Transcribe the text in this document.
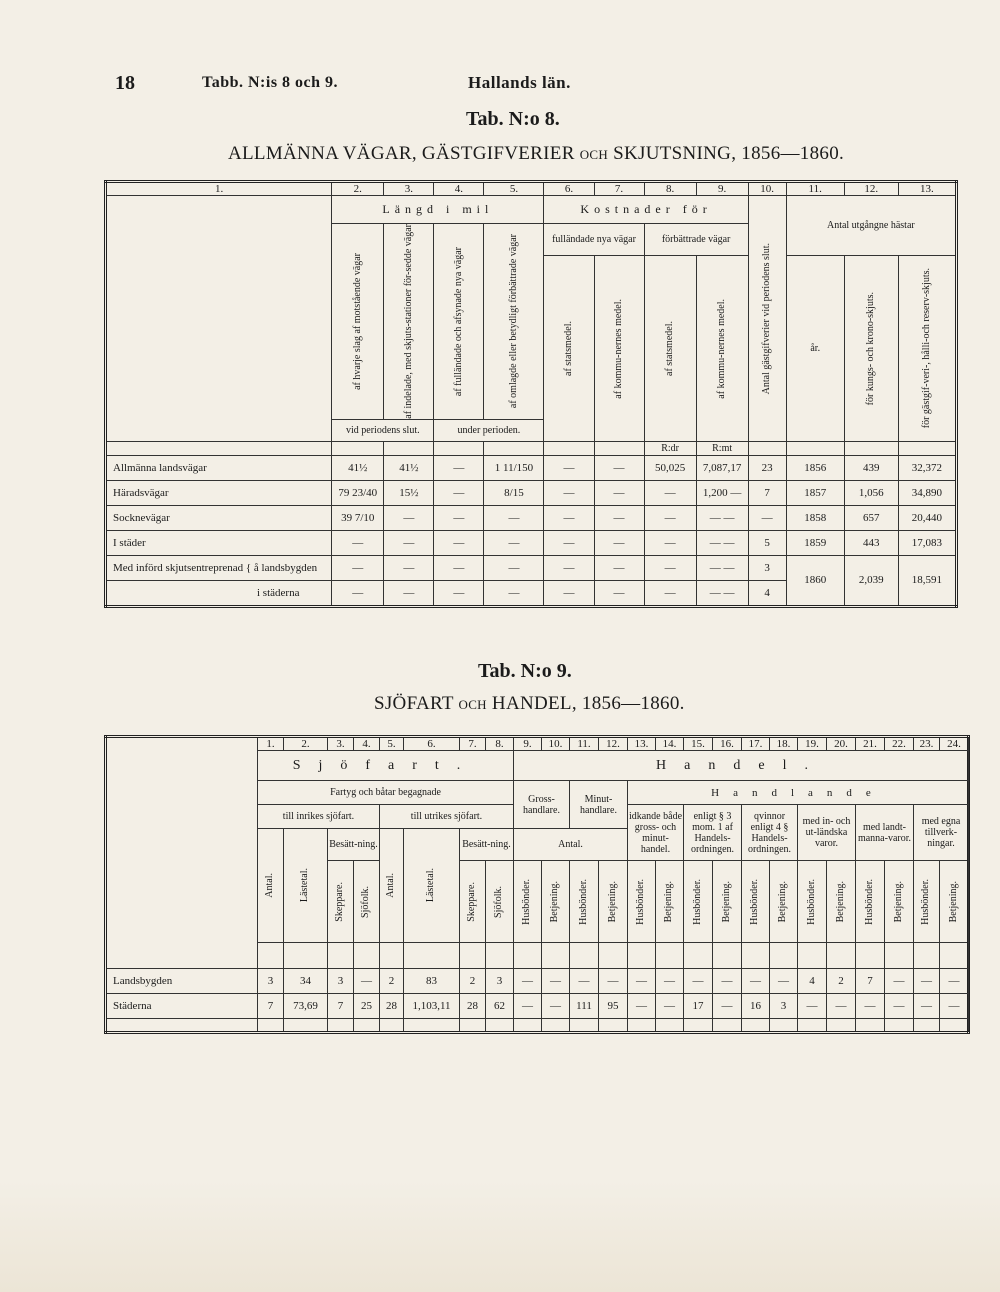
18	Tabb. N:is 8 och 9.	Hallands län.
Tab. N:o 8.
ALLMÄNNA VÄGAR, GÄSTGIFVERIER OCH SKJUTSNING, 1856—1860.
1.	2.	3.	4.	5.	6.	7.	8.	9.	10.	11.	12.	13.
	Längd i mil				Kostnader för				Antal gästgifverier vid periodens slut.	Antal utgångne hästar		

	af hvarje slag af motstående vägar	af indelade, med skjuts-stationer för-sedde vägar	af fulländade och afsynade nya vägar	af omlagde eller betydligt förbättrade vägar	fulländade nya vägar		förbättrade vägar					

					af statsmedel.	af kommu-nernes medel.	af statsmedel.	af kommu-nernes medel.		år.	för kungs- och krono-skjuts.	för gästgif-veri-, hålli-och reserv-skjuts.

	vid periodens slut.		under perioden.									
							R:dr	R:mt				
Allmänna landsvägar	41½	41½	—	1 11/150	—	—	50,025	7,087,17	23	1856	439	32,372
Häradsvägar	79 23/40	15½	—	8/15	—	—	—	1,200 —	7	1857	1,056	34,890
Socknevägar	39 7/10	—	—	—	—	—	—	— —	—	1858	657	20,440
I städer	—	—	—	—	—	—	—	— —	5	1859	443	17,083
Med införd skjutsentreprenad { å landsbygden	—	—	—	—	—	—	—	— —	3	1860	2,039	18,591
i städerna	—	—	—	—	—	—	—	— —	4			
Tab. N:o 9.
SJÖFART OCH HANDEL, 1856—1860.
	1.	2.	3.	4.	5.	6.	7.	8.	9.	10.	11.	12.	13.	14.	15.	16.	17.	18.	19.	20.	21.	22.	23.	24.	
	Sjöfart.								Handel.																
	Fartyg och båtar begagnade								Gross-handlare.		Minut-handlare.		Handlande												
	till inrikes sjöfart.				till utrikes sjöfart.								idkande både gross- och minut-handel.		enligt § 3 mom. 1 af Handels-ordningen.		qvinnor enligt 4 § Handels-ordningen.		med in- och ut-ländska varor.		med landt-manna-varor.		med egna tillverk-ningar.		

	Antal.	Lästetal.	Besätt-ning.		Antal.	Lästetal.	Besätt-ning.		Antal.																

			Skeppare.	Sjöfolk.			Skeppare.	Sjöfolk.	Husbönder.	Betjening.	Husbönder.	Betjening.	Husbönder.	Betjening.	Husbönder.	Betjening.	Husbönder.	Betjening.	Husbönder.	Betjening.	Husbönder.	Betjening.	Husbönder.	Betjening.

Landsbygden	3	34	3	—	2	83	2	3	—	—	—	—	—	—	—	—	—	—	4	2	7	—	—	—	
Städerna	7	73,69	7	25	28	1,103,11	28	62	—	—	111	95	—	—	17	—	16	3	—	—	—	—	—	—	
